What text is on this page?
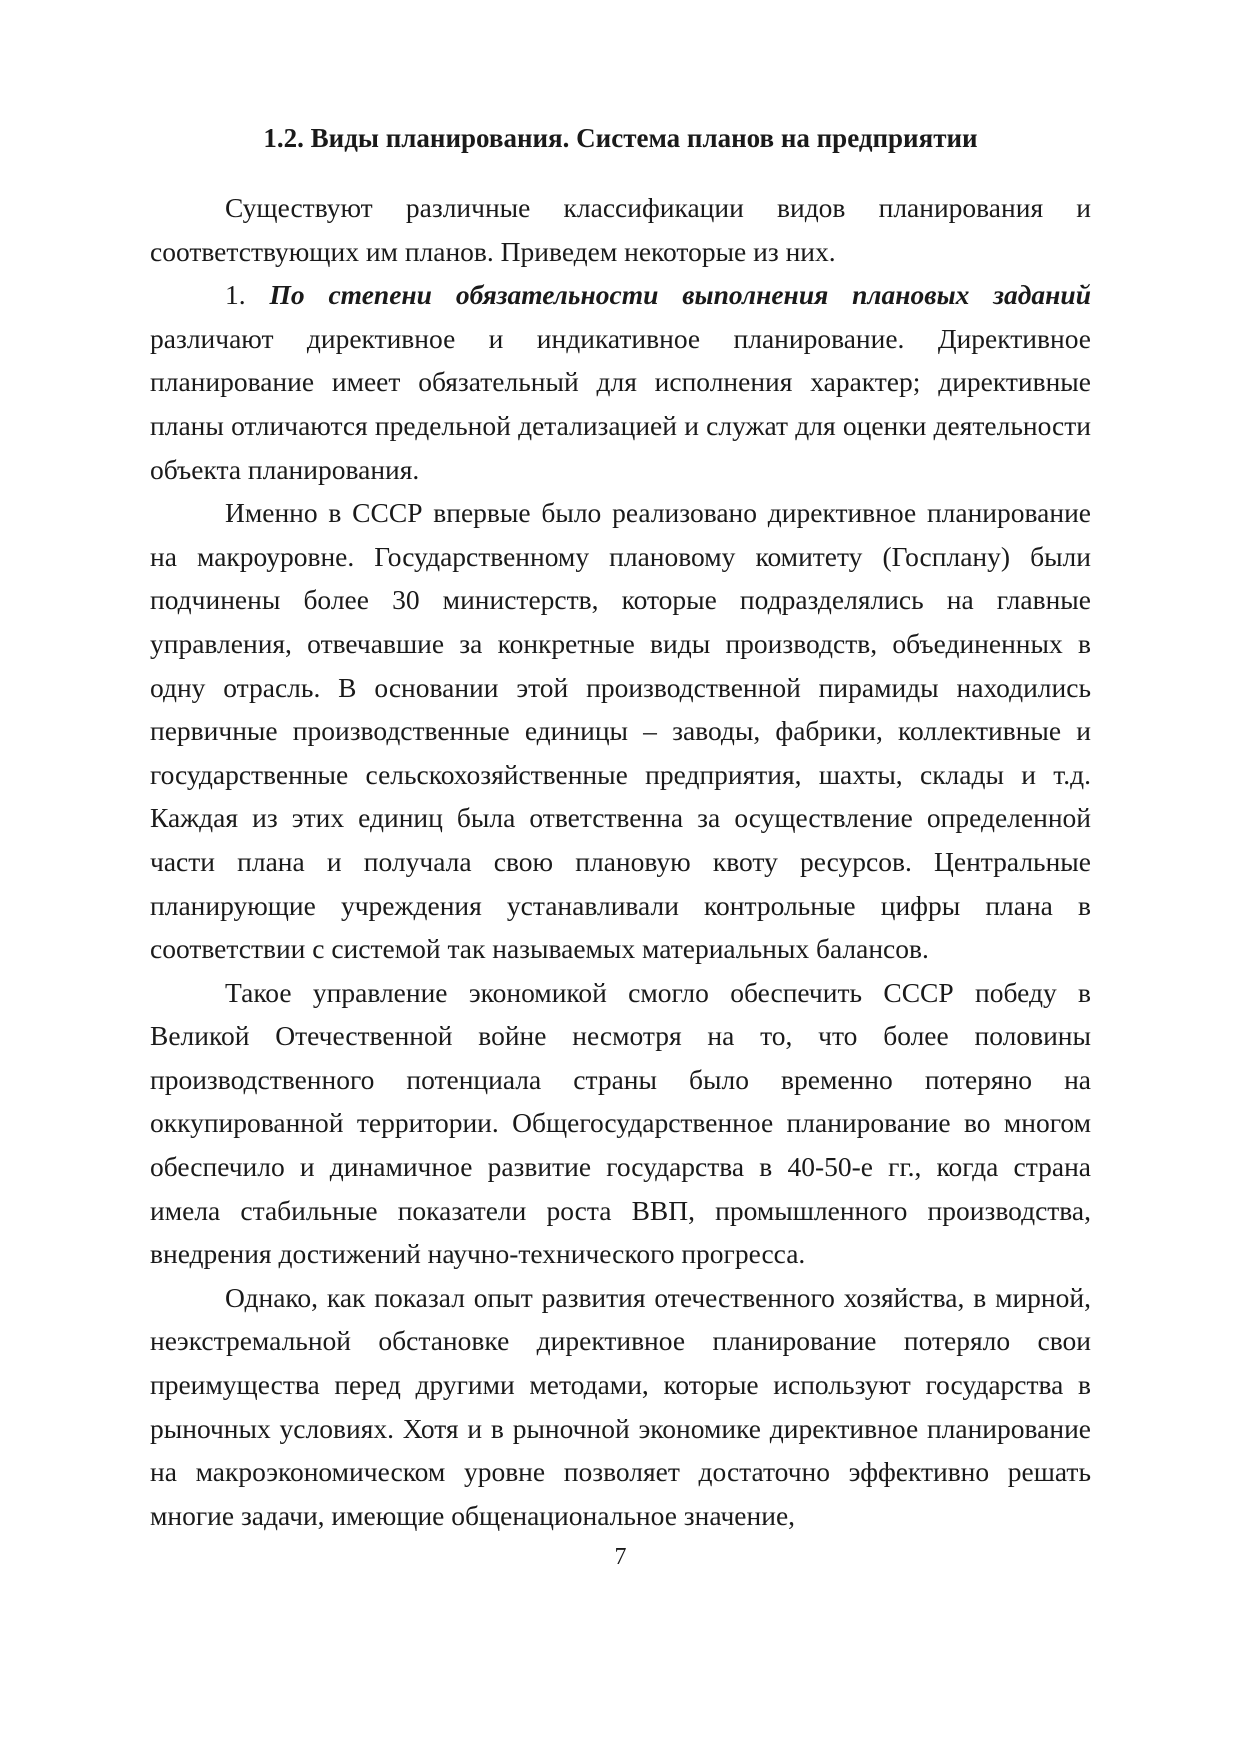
1.2. Виды планирования. Система планов на предприятии

Существуют различные классификации видов планирования и соответствующих им планов. Приведем некоторые из них.

1. По степени обязательности выполнения плановых заданий различают директивное и индикативное планирование. Директивное планирование имеет обязательный для исполнения характер; директивные планы отличаются предельной детализацией и служат для оценки деятельности объекта планирования.

Именно в СССР впервые было реализовано директивное планирование на макроуровне. Государственному плановому комитету (Госплану) были подчинены более 30 министерств, которые подразделялись на главные управления, отвечавшие за конкретные виды производств, объединенных в одну отрасль. В основании этой производственной пирамиды находились первичные производственные единицы – заводы, фабрики, коллективные и государственные сельскохозяйственные предприятия, шахты, склады и т.д. Каждая из этих единиц была ответственна за осуществление определенной части плана и получала свою плановую квоту ресурсов. Центральные планирующие учреждения устанавливали контрольные цифры плана в соответствии с системой так называемых материальных балансов.

Такое управление экономикой смогло обеспечить СССР победу в Великой Отечественной войне несмотря на то, что более половины производственного потенциала страны было временно потеряно на оккупированной территории. Общегосударственное планирование во многом обеспечило и динамичное развитие государства в 40-50-е гг., когда страна имела стабильные показатели роста ВВП, промышленного производства, внедрения достижений научно-технического прогресса.

Однако, как показал опыт развития отечественного хозяйства, в мирной, неэкстремальной обстановке директивное планирование потеряло свои преимущества перед другими методами, которые используют государства в рыночных условиях. Хотя и в рыночной экономике директивное планирование на макроэкономическом уровне позволяет достаточно эффективно решать многие задачи, имеющие общенациональное значение,

7
